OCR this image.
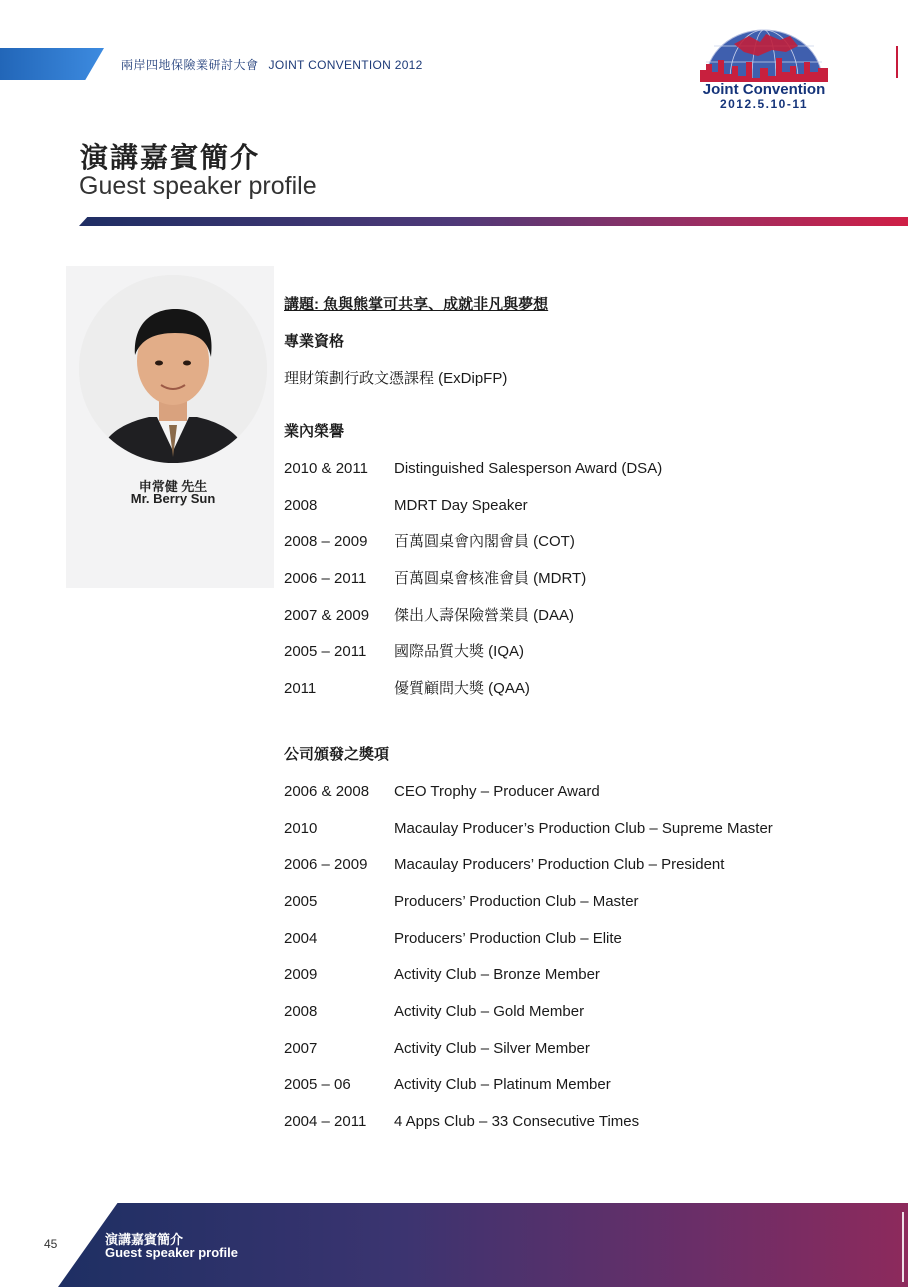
兩岸四地保險業研討大會 JOINT CONVENTION 2012
Joint Convention
2012.5.10-11
演講嘉賓簡介
Guest speaker profile
申常健 先生
Mr. Berry Sun

講題: 魚與熊掌可共享、成就非凡與夢想

專業資格

理財策劃行政文憑課程 (ExDipFP)

業內榮譽

2010 & 2011	Distinguished Salesperson Award (DSA)
2008	MDRT Day Speaker
2008 – 2009	百萬圓桌會內閣會員 (COT)
2006 – 2011	百萬圓桌會核准會員 (MDRT)
2007 & 2009	傑出人壽保險營業員 (DAA)
2005 – 2011	國際品質大獎 (IQA)
2011	優質顧問大獎 (QAA)

公司頒發之獎項

2006 & 2008	CEO Trophy – Producer Award
2010	Macaulay Producer’s Production Club – Supreme Master
2006 – 2009	Macaulay Producers’ Production Club – President
2005	Producers’ Production Club – Master
2004	Producers’ Production Club – Elite
2009	Activity Club – Bronze Member
2008	Activity Club – Gold Member
2007	Activity Club – Silver Member
2005 – 06	Activity Club – Platinum Member
2004 – 2011	4 Apps Club – 33 Consecutive Times
45	演講嘉賓簡介
Guest speaker profile
